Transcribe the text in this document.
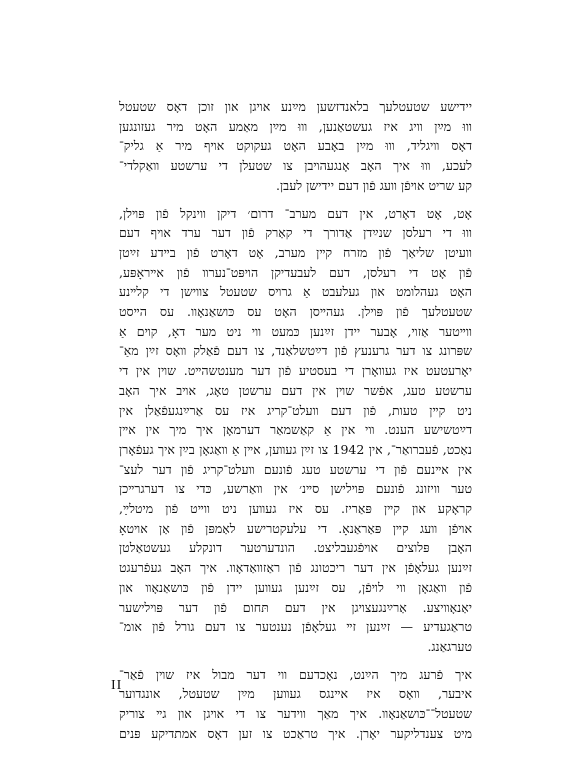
יידישע שטעטלעך בלאנדזשען מײַנע אױגן און זוכן דאָס שטעטל

װוּ מײַן װיג איז געשטאַנען, װוּ מײַן מאַמע האָט מיר געזונגען

דאָס װיגליד, װוּ מײַן באָבע האָט געקוקט אױף מיר אַ גליק־

לעכע, װוּ איך האָב אָנגעהױבן צו שטעלן די ערשטע װאַקלדי־

קע שריט אױפֿן װעג פֿון דעם יידישן לעבן.

אָט, אָט דאָרט, אין דעם מערב־ דרום׳ דיקן װינקל פֿון פּױלן,

װוּ די רעלסן שנײַדן אַדורך די קאַרק פֿון דער ערד אױף דעם

װעיטן שליאַך פֿון מזרח קײן מערב, אָט דאָרט פֿון בײדע זײַטן

פֿון אָט די רעלסן, דעם לעבעדיקן הױפּט־נערװ פֿון אײראָפּע,

האָט געהלומט און געלעבט אַ גרױס שטעטל צװישן די קלײנע

שטעטלעך פֿון פּױלן. געהײסן האָט עס כּושאַנאָװ. עס הײסט

װײטער אַזױ, אָבער יידן זײַנען כּמעט װי ניט מער דאָ, קױם אַ

שפּרונג צו דער גרענעץ פֿון דײַטשלאַנד, צו דעם פֿאַלק װאָס זײַן מאַ־

יאָרעטעט איז געװאָרן די בעסטיע פֿון דער מענטשהײט. שױן אין די

ערשטע טעג, אפֿשר שױן אין דעם ערשטן טאָג, אױב איך האָב

ניט קײן טעות, פֿון דעם װעלט־קריג איז עס אַרײַנגעפֿאַלן אין

דײַטשישע הענט. װי אין אַ קאַשמאַר דערמאָן איך מיך אין אײן

נאַכט, פֿעברואַר־, אין 1942 צו זײַן געװען, אײן אַ װאַגאָן בײַן איך געפֿאָרן

אין אײנעם פֿון די ערשטע טעג פֿונעם װעלט־קריג פֿון דער לעצ־

טער װיזונג פֿונעם פּױלישן סײנ׳ אין װאַרשע, כּדי צו דערגרײכן

קראָקע און קײן פּאַריז. עס איז געװען ניט װײט פֿון מיטלײַ,

אױפֿן װעג קײן פּאַראַנאָ. די עלעקטרישע לאַמפּן פֿון אַן אױטאָ

האָבן פּלוצים אױפֿגעבליצט. הונדערטער דונקלע געשטאַלטן

זײַנען געלאָפֿן אין דער ריכטונג פֿון ראַזװאַדאָװ. איך האָב געפֿרעגט

פֿון װאַגאָן װי לױפֿן, עס זײַנען געװען יידן פֿון כּושאַנאָװ און

יאַנאָװיצע. אַרײַנגעצױגן אין דעם תּחום פֿון דער פּױלישער

טראַגעדיע — זײַנען זײ געלאָפֿן נענטער צו דעם גורל פֿון אומ־

טערגאַנג.

איך פֿרעג מיך הײַנט, נאָכדעם װי דער מבול איז שױן פֿאַר־

איבער, װאָס איז אײנגס געװען מײַן שטעטל, אונגדוער

שטעטל־־כּושאַנאָװ. איך מאַך װידער צו די אױגן און גײ צוריק

מיט צענדליקער יאָרן. איך טראַכט צו זען דאָס אמתדיקע פּנים

II
